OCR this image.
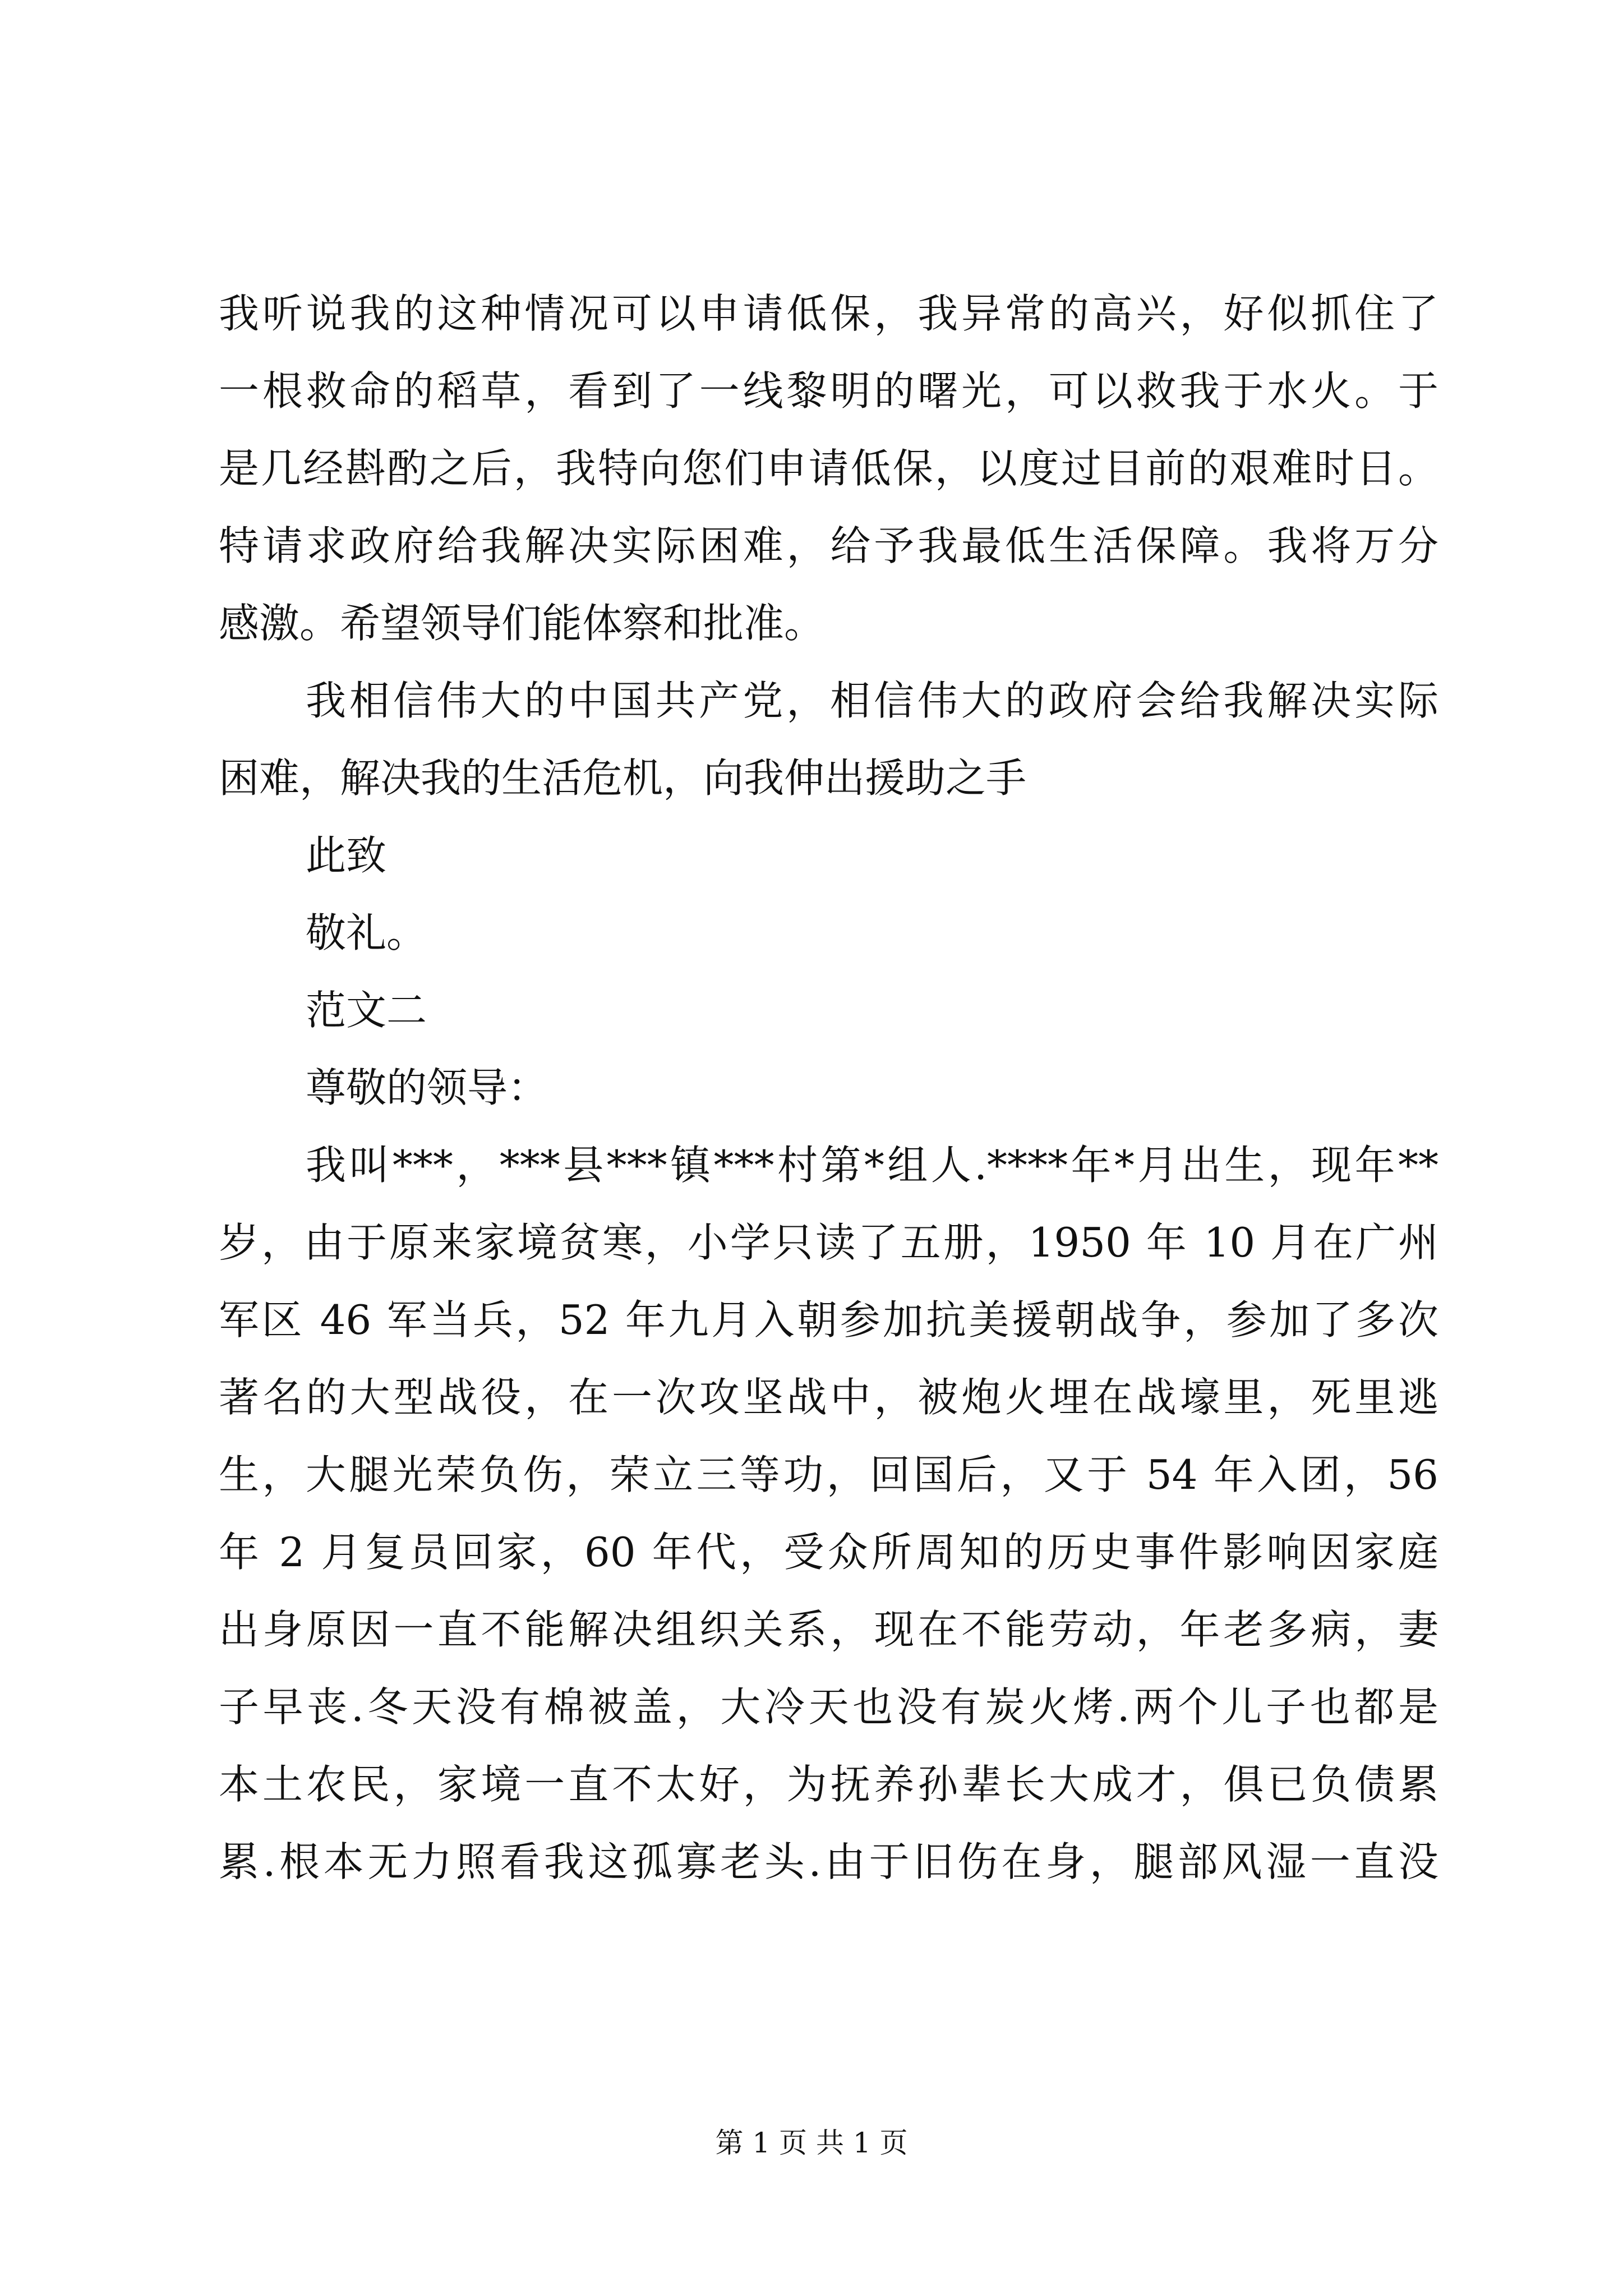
我听说我的这种情况可以申请低保，我异常的高兴，好似抓住了
一根救命的稻草，看到了一线黎明的曙光，可以救我于水火。于
是几经斟酌之后，我特向您们申请低保，以度过目前的艰难时日。
特请求政府给我解决实际困难，给予我最低生活保障。我将万分
感激。希望领导们能体察和批准。
我相信伟大的中国共产党，相信伟大的政府会给我解决实际
困难，解决我的生活危机，向我伸出援助之手
此致
敬礼。
范文二
尊敬的领导：
我叫***，***县***镇***村第*组人.****年*月出生，现年**
岁，由于原来家境贫寒，小学只读了五册，1950 年 10 月在广州
军区 46 军当兵，52 年九月入朝参加抗美援朝战争，参加了多次
著名的大型战役，在一次攻坚战中，被炮火埋在战壕里，死里逃
生，大腿光荣负伤，荣立三等功，回国后，又于 54 年入团，56
年 2 月复员回家，60 年代，受众所周知的历史事件影响因家庭
出身原因一直不能解决组织关系，现在不能劳动，年老多病，妻
子早丧.冬天没有棉被盖，大冷天也没有炭火烤.两个儿子也都是
本土农民，家境一直不太好，为抚养孙辈长大成才，俱已负债累
累.根本无力照看我这孤寡老头.由于旧伤在身，腿部风湿一直没
第 1 页 共 1 页
